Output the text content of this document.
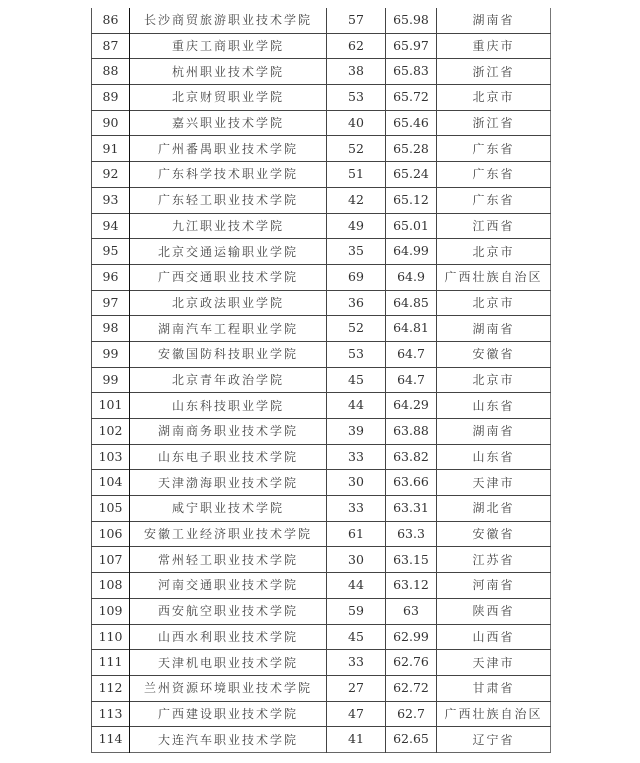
86	长沙商贸旅游职业技术学院	57	65.98	湖南省
87	重庆工商职业学院	62	65.97	重庆市
88	杭州职业技术学院	38	65.83	浙江省
89	北京财贸职业学院	53	65.72	北京市
90	嘉兴职业技术学院	40	65.46	浙江省
91	广州番禺职业技术学院	52	65.28	广东省
92	广东科学技术职业学院	51	65.24	广东省
93	广东轻工职业技术学院	42	65.12	广东省
94	九江职业技术学院	49	65.01	江西省
95	北京交通运输职业学院	35	64.99	北京市
96	广西交通职业技术学院	69	64.9	广西壮族自治区
97	北京政法职业学院	36	64.85	北京市
98	湖南汽车工程职业学院	52	64.81	湖南省
99	安徽国防科技职业学院	53	64.7	安徽省
99	北京青年政治学院	45	64.7	北京市
101	山东科技职业学院	44	64.29	山东省
102	湖南商务职业技术学院	39	63.88	湖南省
103	山东电子职业技术学院	33	63.82	山东省
104	天津渤海职业技术学院	30	63.66	天津市
105	咸宁职业技术学院	33	63.31	湖北省
106	安徽工业经济职业技术学院	61	63.3	安徽省
107	常州轻工职业技术学院	30	63.15	江苏省
108	河南交通职业技术学院	44	63.12	河南省
109	西安航空职业技术学院	59	63	陕西省
110	山西水利职业技术学院	45	62.99	山西省
111	天津机电职业技术学院	33	62.76	天津市
112	兰州资源环境职业技术学院	27	62.72	甘肃省
113	广西建设职业技术学院	47	62.7	广西壮族自治区
114	大连汽车职业技术学院	41	62.65	辽宁省
